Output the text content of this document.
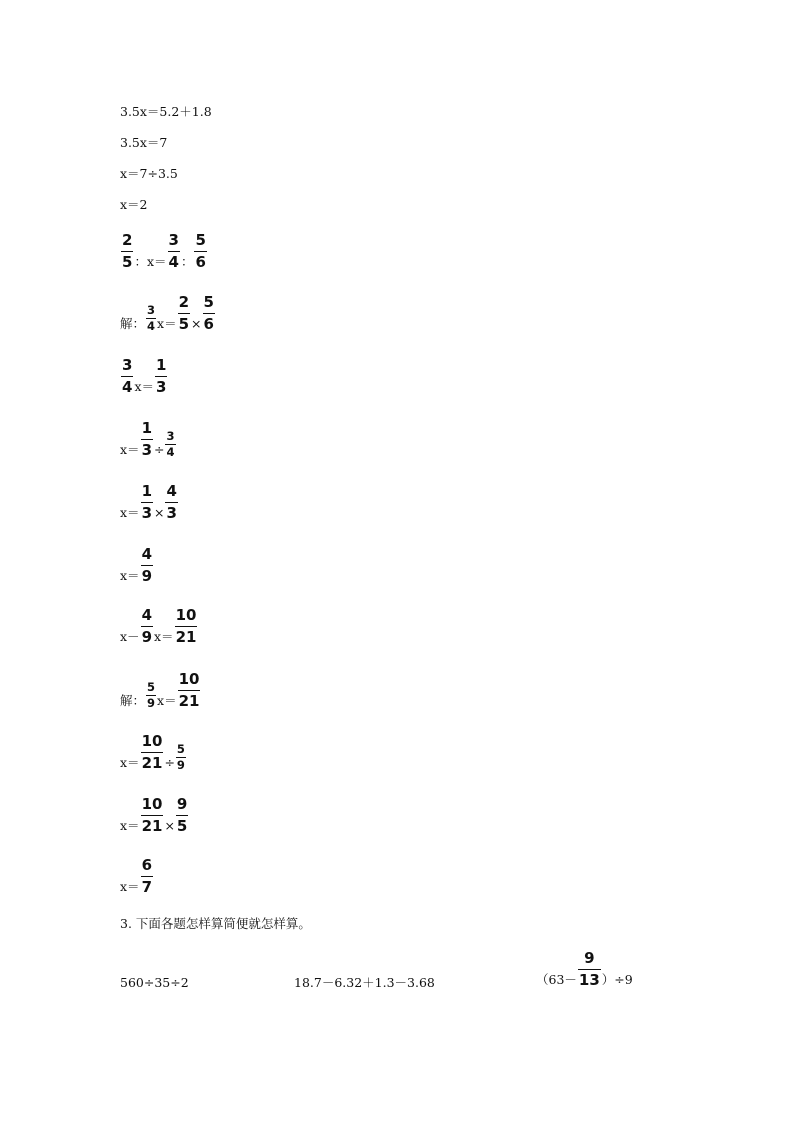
3.5x＝5.2＋1.8
3.5x＝7
x＝7÷3.5
x＝2
$\frac{2}{5}$ ： $x= \frac{3}{4}$ ： $\frac{5}{6}$
解： $\frac{3}{4} x= \frac{2}{5} \times \frac{5}{6}$
$\frac{3}{4} x= \frac{1}{3}$
$x= \frac{1}{3} \div \frac{3}{4}$
$x= \frac{1}{3} \times \frac{4}{3}$
$x= \frac{4}{9}$
$x- \frac{4}{9} x= \frac{10}{21}$
解： $\frac{5}{9} x= \frac{10}{21}$
$x= \frac{10}{21} \div \frac{5}{9}$
$x= \frac{10}{21} \times \frac{9}{5}$
$x= \frac{6}{7}$
3. 下面各题怎样算简便就怎样算。
560÷35÷2	18.7－6.32＋1.3－3.68	$(63- \frac{9}{13} )\div 9$
